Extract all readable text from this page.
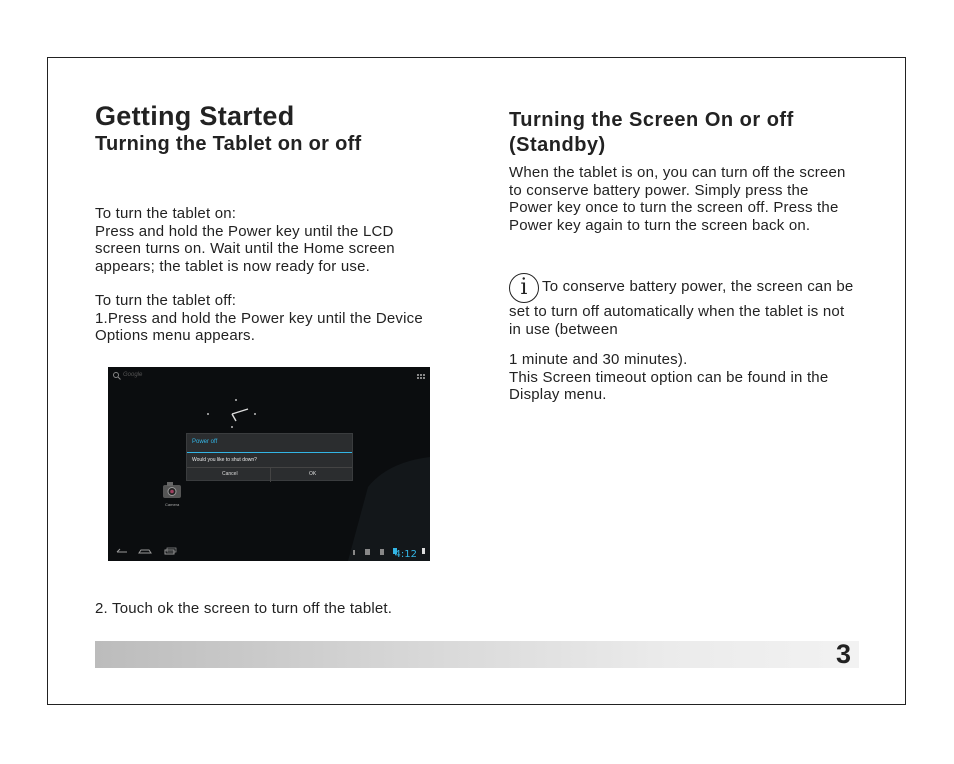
Getting Started
Turning the Tablet on or off
To turn the tablet on:
Press and hold the Power key until the LCD screen turns on. Wait until the Home screen appears; the tablet is now ready for use.
To turn the tablet off:
1.Press and hold the Power key until the Device Options menu appears.
Google
Power off
Would you like to shut down?
Cancel	OK
Camera
4:12
2. Touch ok the screen to turn off the tablet.
Turning the Screen On or off (Standby)
When the tablet is on, you can turn off the screen to conserve battery power. Simply press the Power key once to turn the screen off. Press the Power key again to turn the screen back on.
i To conserve battery power, the screen can be set to turn off automatically when the tablet is not in use (between
1 minute and 30 minutes).
This Screen timeout option can be found in the Display menu.
3
